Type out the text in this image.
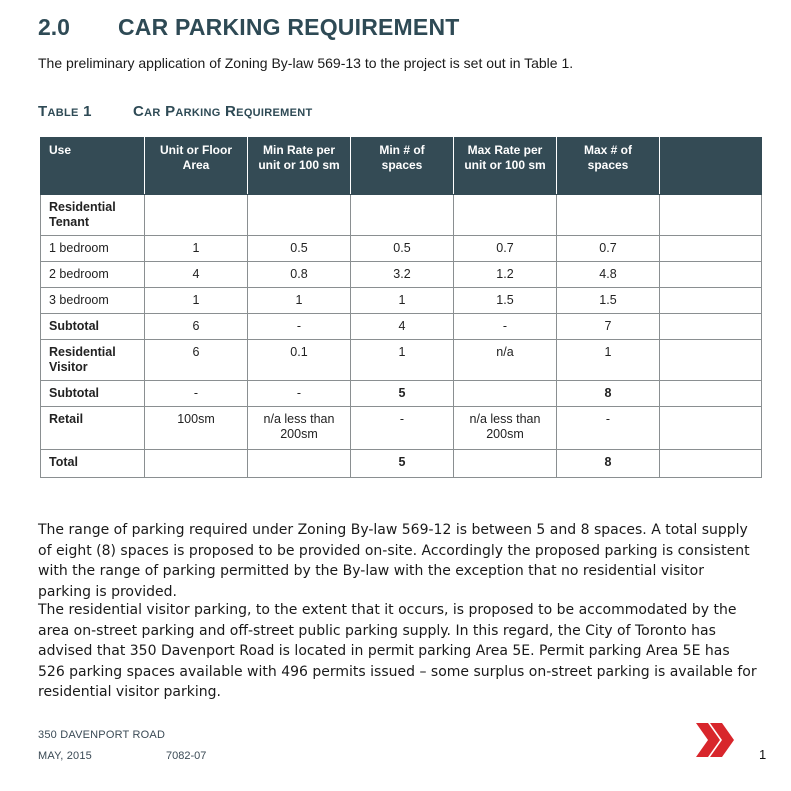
2.0 CAR PARKING REQUIREMENT
The preliminary application of Zoning By-law 569-13 to the project is set out in Table 1.
Table 1	Car Parking Requirement
Use	Unit or Floor Area	Min Rate per unit or 100 sm	Min # of spaces	Max Rate per unit or 100 sm	Max # of spaces	
Residential Tenant						
1 bedroom	1	0.5	0.5	0.7	0.7	
2 bedroom	4	0.8	3.2	1.2	4.8	
3 bedroom	1	1	1	1.5	1.5	
Subtotal	6	-	4	-	7	
Residential Visitor	6	0.1	1	n/a	1	
Subtotal	-	-	5		8	
Retail	100sm	n/a less than 200sm	-	n/a less than 200sm	-	
Total			5		8	
The range of parking required under Zoning By-law 569-12 is between 5 and 8 spaces. A total supply of eight (8) spaces is proposed to be provided on-site. Accordingly the proposed parking is consistent with the range of parking permitted by the By-law with the exception that no residential visitor parking is provided.
The residential visitor parking, to the extent that it occurs, is proposed to be accommodated by the area on-street parking and off-street public parking supply. In this regard, the City of Toronto has advised that 350 Davenport Road is located in permit parking Area 5E. Permit parking Area 5E has 526 parking spaces available with 496 permits issued – some surplus on-street parking is available for residential visitor parking.
350 DAVENPORT ROAD
MAY, 2015	7082-07	1
